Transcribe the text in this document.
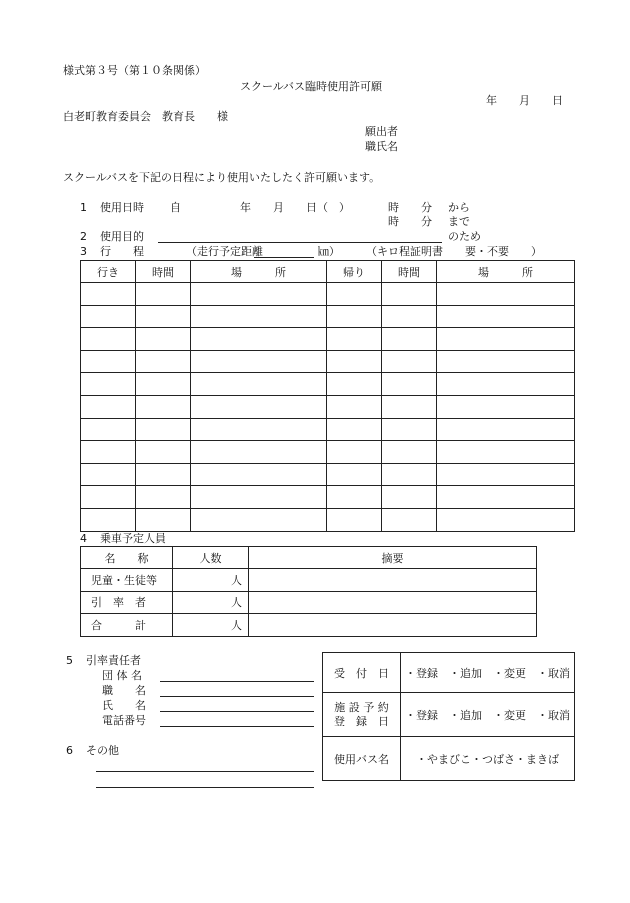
様式第３号（第１０条関係）
スクールバス臨時使用許可願
年　　月　　日
白老町教育委員会　教育長　　様
願出者
職氏名
スクールバスを下記の日程により使用いたしたく許可願います。
1 使用日時 自	年　　月　　日（　）	時　　分 から
時　　分 まで
2 使用目的	のため
3 行　　程	（走行予定距離	㎞） （キロ程証明書　　要・不要　　）
行き	時間	場　　　所	帰り	時間	場　　　所

4 乗車予定人員
名　　称	人数	摘要
児童・生徒等	人	
引　率　者	人	
合　　　計	人	
5 引率責任者
団 体 名
職　　名
氏　　名
電話番号
6 その他
受　付　日	・登録　・追加　・変更　・取消

施 設 予 約
登　録　日	・登録　・追加　・変更　・取消
使用バス名	・やまびこ・つばさ・まきば
